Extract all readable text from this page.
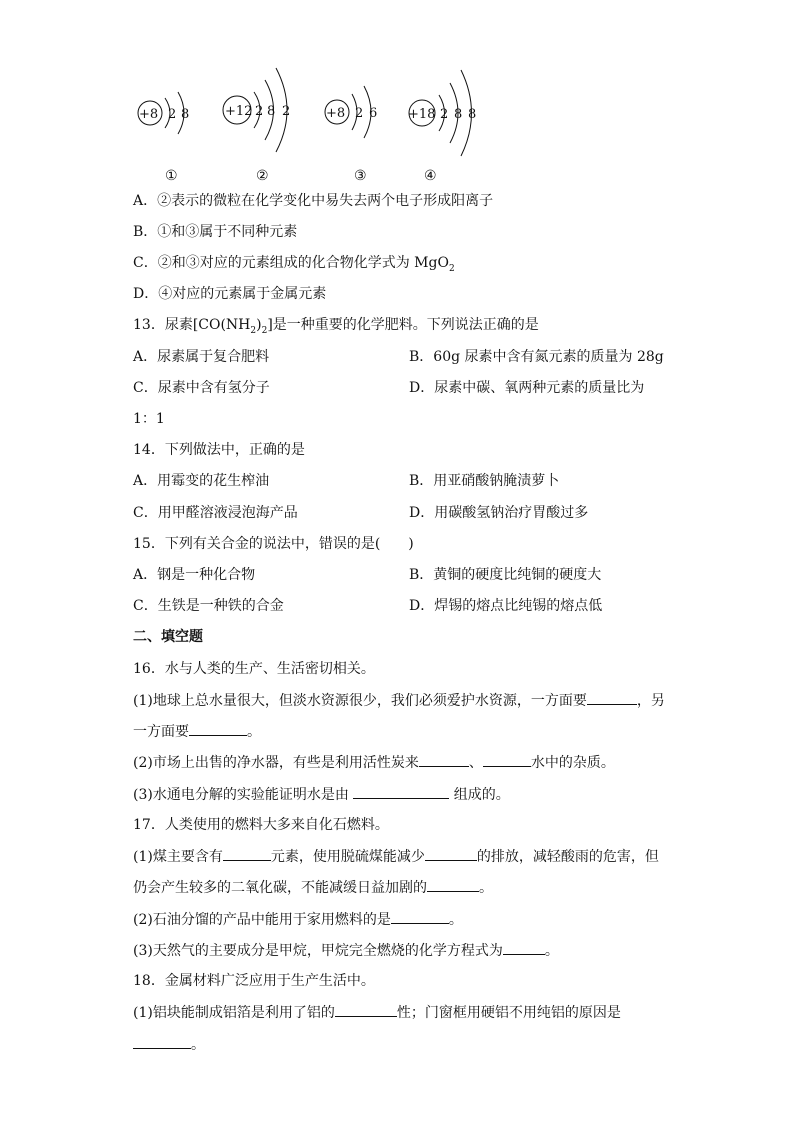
+8 2 8	+12 2 8 2	+8 2 6 +18 2 8 8
①	②	③	④
A．②表示的微粒在化学变化中易失去两个电子形成阳离子
B．①和③属于不同种元素
C．②和③对应的元素组成的化合物化学式为 MgO$_2$
D．④对应的元素属于金属元素
13．尿素$[CO(NH_2)_2]$是一种重要的化学肥料。下列说法正确的是
A．尿素属于复合肥料	B．60g 尿素中含有氮元素的质量为 28g
C．尿素中含有氢分子	D．尿素中碳、氧两种元素的质量比为
1：1
14．下列做法中，正确的是
A．用霉变的花生榨油	B．用亚硝酸钠腌渍萝卜
C．用甲醛溶液浸泡海产品	D．用碳酸氢钠治疗胃酸过多
15．下列有关合金的说法中，错误的是(　　)
A．钢是一种化合物	B．黄铜的硬度比纯铜的硬度大
C．生铁是一种铁的合金	D．焊锡的熔点比纯锡的熔点低
二、填空题
16．水与人类的生产、生活密切相关。
(1)地球上总水量很大，但淡水资源很少，我们必须爱护水资源，一方面要	，另
一方面要	。
(2)市场上出售的净水器，有些是利用活性炭来	、	水中的杂质。
(3)水通电分解的实验能证明水是由	组成的。
17．人类使用的燃料大多来自化石燃料。
(1)煤主要含有	元素，使用脱硫煤能减少	的排放，减轻酸雨的危害，但
仍会产生较多的二氧化碳，不能减缓日益加剧的	。
(2)石油分馏的产品中能用于家用燃料的是	。
(3)天然气的主要成分是甲烷，甲烷完全燃烧的化学方程式为	。
18．金属材料广泛应用于生产生活中。
(1)铝块能制成铝箔是利用了铝的	性；门窗框用硬铝不用纯铝的原因是
。
